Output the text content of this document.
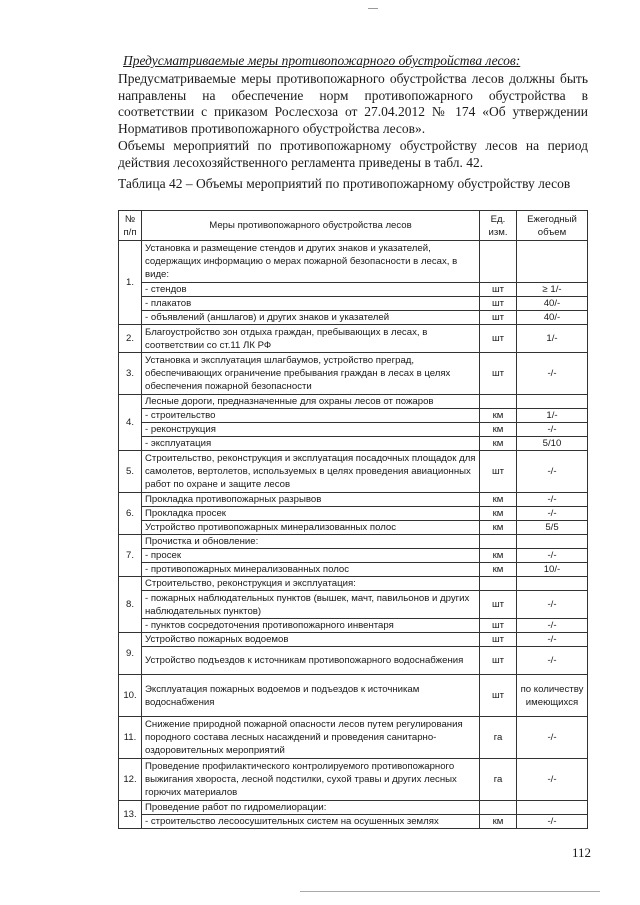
Предусматриваемые меры противопожарного обустройства лесов:
Предусматриваемые меры противопожарного обустройства лесов должны быть направлены на обеспечение норм противопожарного обустройства в соответствии с приказом Рослесхоза от 27.04.2012 № 174 «Об утверждении Нормативов противопожарного обустройства лесов».
Объемы мероприятий по противопожарному обустройству лесов на период действия лесохозяйственного регламента приведены в табл. 42.
Таблица 42 – Объемы мероприятий по противопожарному обустройству лесов
№ п/п	Меры противопожарного обустройства лесов	Ед. изм.	Ежегодный объем
1.	Установка и размещение стендов и других знаков и указателей, содержащих информацию о мерах пожарной безопасности в лесах, в виде:		
	- стендов	шт	≥ 1/-
	- плакатов	шт	40/-
	- объявлений (аншлагов) и других знаков и указателей	шт	40/-
2.	Благоустройство зон отдыха граждан, пребывающих в лесах, в соответствии со ст.11 ЛК РФ	шт	1/-
3.	Установка и эксплуатация шлагбаумов, устройство преград, обеспечивающих ограничение пребывания граждан в лесах в целях обеспечения пожарной безопасности	шт	-/-
4.	Лесные дороги, предназначенные для охраны лесов от пожаров		
	- строительство	км	1/-
	- реконструкция	км	-/-
	- эксплуатация	км	5/10
5.	Строительство, реконструкция и эксплуатация посадочных площадок для самолетов, вертолетов, используемых в целях проведения авиационных работ по охране и защите лесов	шт	-/-
6.	Прокладка противопожарных разрывов	км	-/-
	Прокладка просек	км	-/-
	Устройство противопожарных минерализованных полос	км	5/5
7.	Прочистка и обновление:		
	- просек	км	-/-
	- противопожарных минерализованных полос	км	10/-
8.	Строительство, реконструкция и эксплуатация:		
	- пожарных наблюдательных пунктов (вышек, мачт, павильонов и других наблюдательных пунктов)	шт	-/-
	- пунктов сосредоточения противопожарного инвентаря	шт	-/-
9.	Устройство пожарных водоемов	шт	-/-
	Устройство подъездов к источникам противопожарного водоснабжения	шт	-/-
10.	Эксплуатация пожарных водоемов и подъездов к источникам водоснабжения	шт	по количеству имеющихся
11.	Снижение природной пожарной опасности лесов путем регулирования породного состава лесных насаждений и проведения санитарно-оздоровительных мероприятий	га	-/-
12.	Проведение профилактического контролируемого противопожарного выжигания хвороста, лесной подстилки, сухой травы и других лесных горючих материалов	га	-/-
13.	Проведение работ по гидромелиорации:		
	- строительство лесоосушительных систем на осушенных землях	км	-/-
112
